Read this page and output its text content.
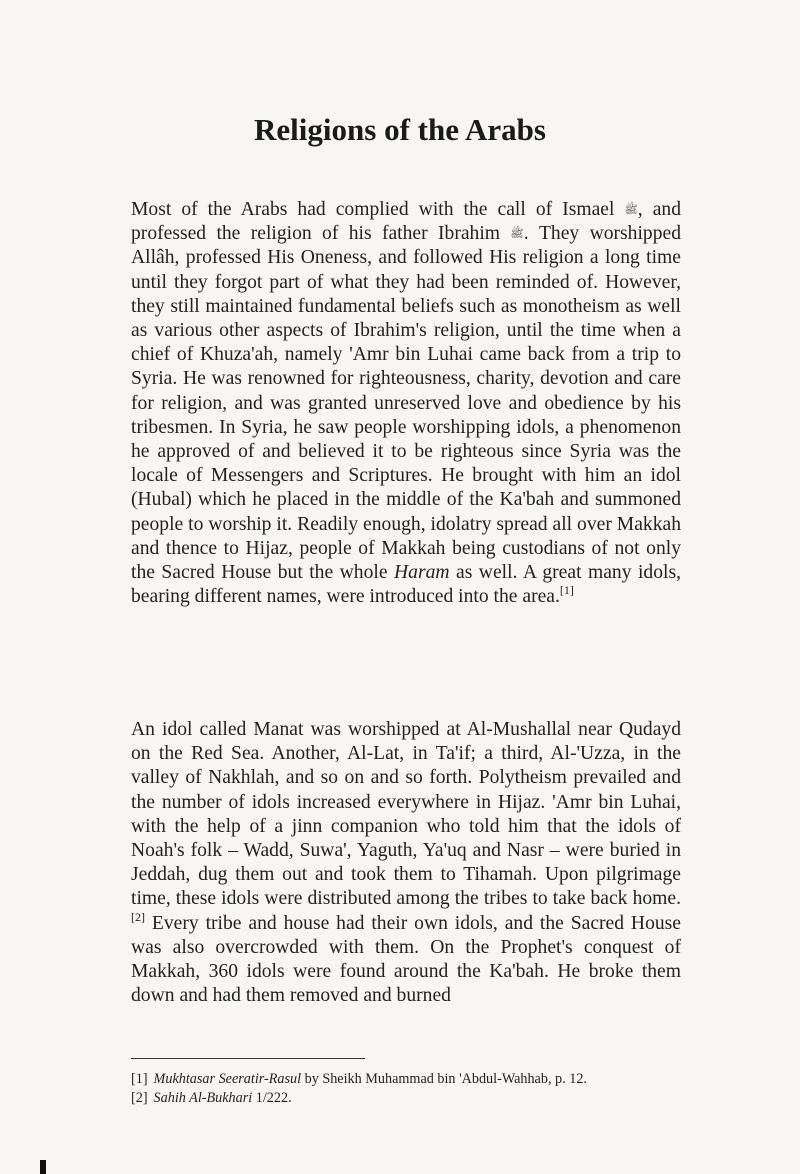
Religions of the Arabs

Most of the Arabs had complied with the call of Ismael ﷺ, and professed the religion of his father Ibrahim ﷺ. They worshipped Allâh, professed His Oneness, and followed His religion a long time until they forgot part of what they had been reminded of. However, they still maintained fundamental beliefs such as monotheism as well as various other aspects of Ibrahim's religion, until the time when a chief of Khuza'ah, namely 'Amr bin Luhai came back from a trip to Syria. He was renowned for righteousness, charity, devotion and care for religion, and was granted unreserved love and obedience by his tribesmen. In Syria, he saw people worshipping idols, a phenomenon he approved of and believed it to be righteous since Syria was the locale of Messengers and Scriptures. He brought with him an idol (Hubal) which he placed in the middle of the Ka'bah and summoned people to worship it. Readily enough, idolatry spread all over Makkah and thence to Hijaz, people of Makkah being custodians of not only the Sacred House but the whole Haram as well. A great many idols, bearing different names, were introduced into the area.[1]

An idol called Manat was worshipped at Al-Mushallal near Qudayd on the Red Sea. Another, Al-Lat, in Ta'if; a third, Al-'Uzza, in the valley of Nakhlah, and so on and so forth. Polytheism prevailed and the number of idols increased everywhere in Hijaz. 'Amr bin Luhai, with the help of a jinn companion who told him that the idols of Noah's folk – Wadd, Suwa', Yaguth, Ya'uq and Nasr – were buried in Jeddah, dug them out and took them to Tihamah. Upon pilgrimage time, these idols were distributed among the tribes to take back home.[2] Every tribe and house had their own idols, and the Sacred House was also overcrowded with them. On the Prophet's conquest of Makkah, 360 idols were found around the Ka'bah. He broke them down and had them removed and burned

[1] Mukhtasar Seeratir-Rasul by Sheikh Muhammad bin 'Abdul-Wahhab, p. 12.
[2] Sahih Al-Bukhari 1/222.
